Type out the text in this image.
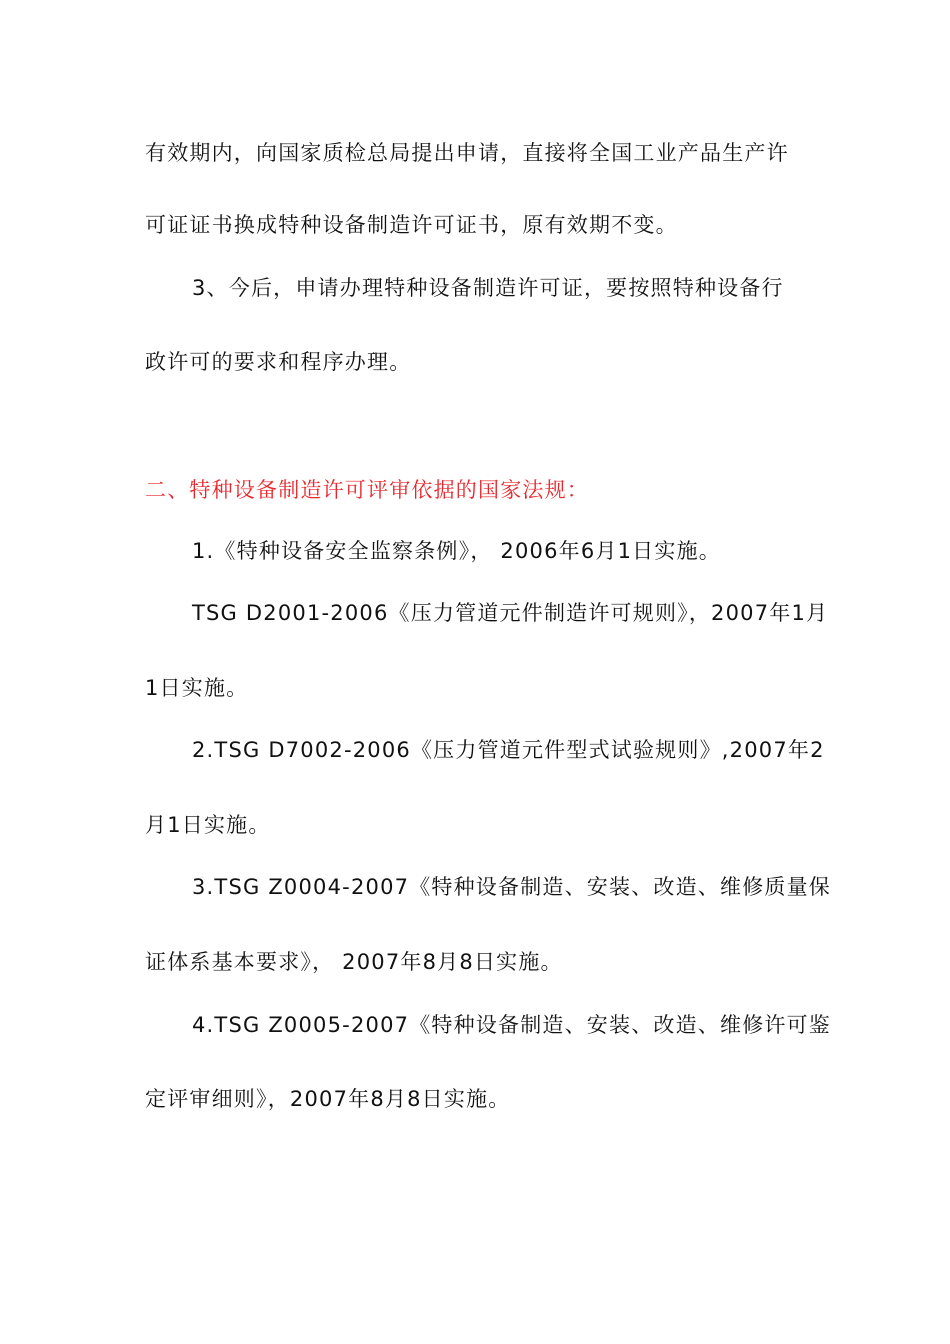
有效期内，向国家质检总局提出申请，直接将全国工业产品生产许
可证证书换成特种设备制造许可证书，原有效期不变。
3、今后，申请办理特种设备制造许可证，要按照特种设备行
政许可的要求和程序办理。
二、特种设备制造许可评审依据的国家法规：
1.《特种设备安全监察条例》， 2006年6月1日实施。
TSG D2001-2006《压力管道元件制造许可规则》，2007年1月
1日实施。
2.TSG D7002-2006《压力管道元件型式试验规则》,2007年2
月1日实施。
3.TSG Z0004-2007《特种设备制造、安装、改造、维修质量保
证体系基本要求》， 2007年8月8日实施。
4.TSG Z0005-2007《特种设备制造、安装、改造、维修许可鉴
定评审细则》，2007年8月8日实施。
